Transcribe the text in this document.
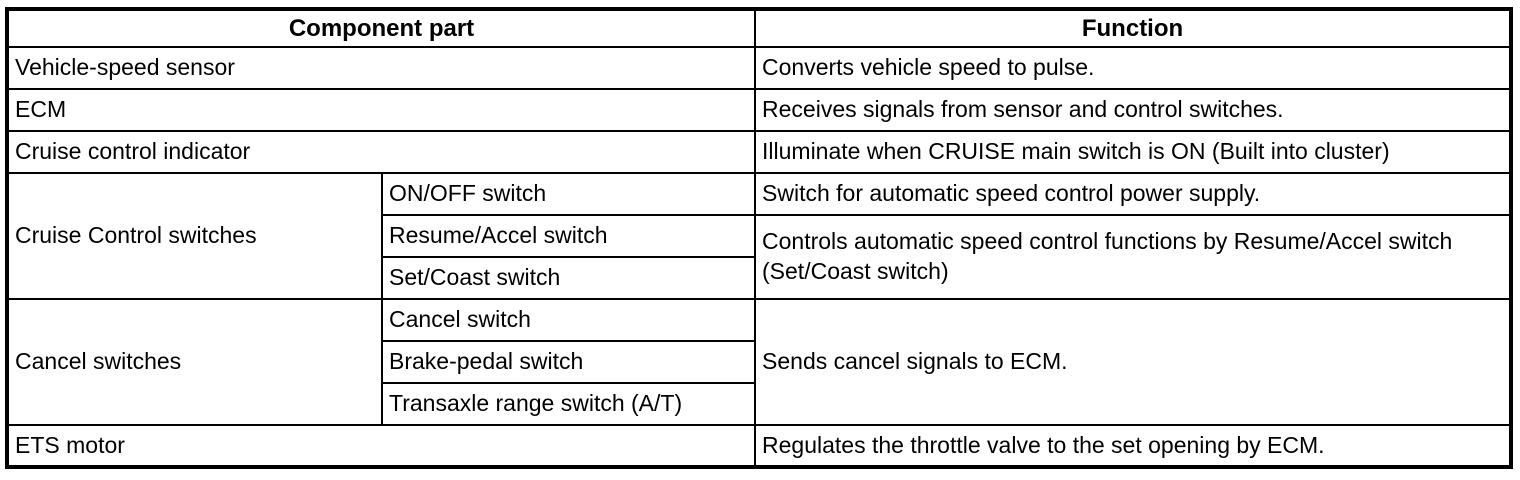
Component part		Function
Vehicle-speed sensor		Converts vehicle speed to pulse.
ECM		Receives signals from sensor and control switches.
Cruise control indicator		Illuminate when CRUISE main switch is ON (Built into cluster)
Cruise Control switches	ON/OFF switch	Switch for automatic speed control power supply.
	Resume/Accel switch	Controls automatic speed control functions by Resume/Accel switch (Set/Coast switch)
	Set/Coast switch	
Cancel switches	Cancel switch	Sends cancel signals to ECM.
	Brake-pedal switch	
	Transaxle range switch (A/T)	
ETS motor		Regulates the throttle valve to the set opening by ECM.
